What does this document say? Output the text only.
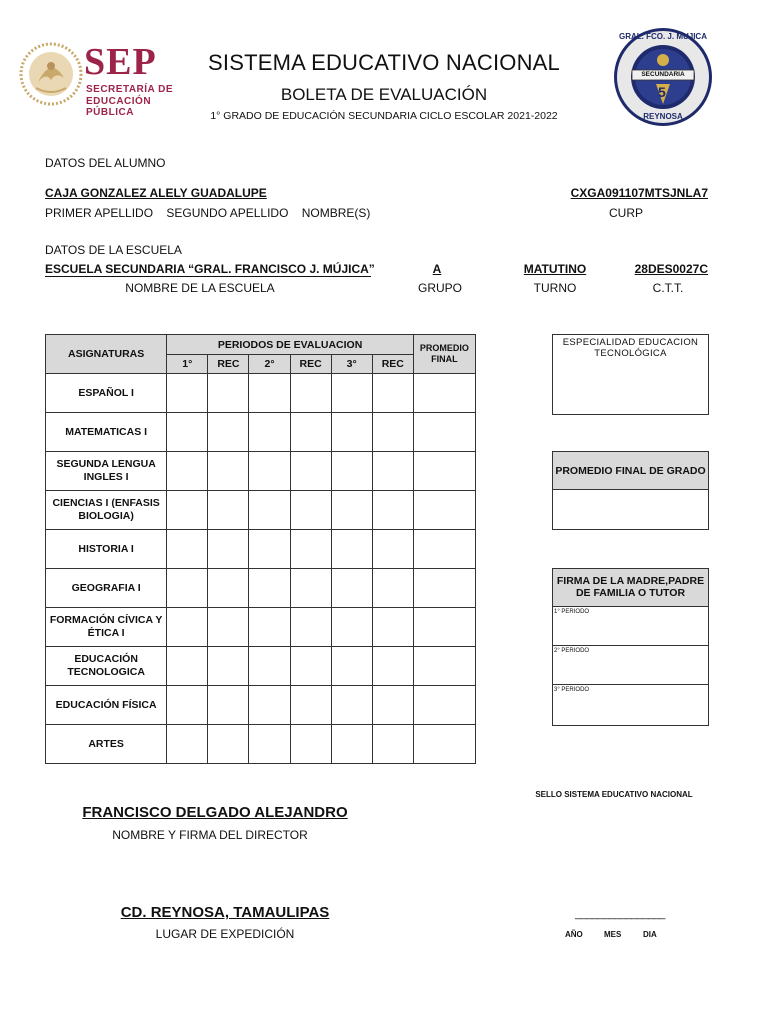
SEP
SECRETARÍA DE
EDUCACIÓN PÚBLICA
SECUNDARIA
5
GRAL. FCO. J. MUJICA
REYNOSA
SISTEMA EDUCATIVO NACIONAL
BOLETA DE EVALUACIÓN
1° GRADO DE EDUCACIÓN SECUNDARIA CICLO ESCOLAR 2021-2022
DATOS DEL ALUMNO
CAJA GONZALEZ ALELY GUADALUPE
PRIMER APELLIDO    SEGUNDO APELLIDO    NOMBRE(S)
CXGA091107MTSJNLA7
CURP
DATOS DE LA ESCUELA
ESCUELA SECUNDARIA “GRAL. FRANCISCO J. MÚJICA”
NOMBRE DE LA ESCUELA
A
GRUPO
MATUTINO
TURNO
28DES0027C
C.T.T.
ASIGNATURAS	PERIODOS DE EVALUACION						PROMEDIO FINAL
	1°	REC	2°	REC	3°	REC	
ESPAÑOL I							
MATEMATICAS I							
SEGUNDA LENGUA INGLES I							
CIENCIAS I (ENFASIS BIOLOGIA)							
HISTORIA I							
GEOGRAFIA I							
FORMACIÓN CÍVICA Y ÉTICA I							
EDUCACIÓN TECNOLOGICA							
EDUCACIÓN FÍSICA							
ARTES							
ESPECIALIDAD EDUCACION TECNOLÓGICA
PROMEDIO FINAL DE GRADO
FIRMA DE LA MADRE,PADRE DE FAMILIA O TUTOR
1° PERIODO
2° PERIODO
3° PERIODO
SELLO SISTEMA EDUCATIVO NACIONAL
FRANCISCO DELGADO ALEJANDRO
NOMBRE Y FIRMA DEL DIRECTOR
CD. REYNOSA, TAMAULIPAS
LUGAR DE EXPEDICIÓN
________________
AÑO	MES	DIA
